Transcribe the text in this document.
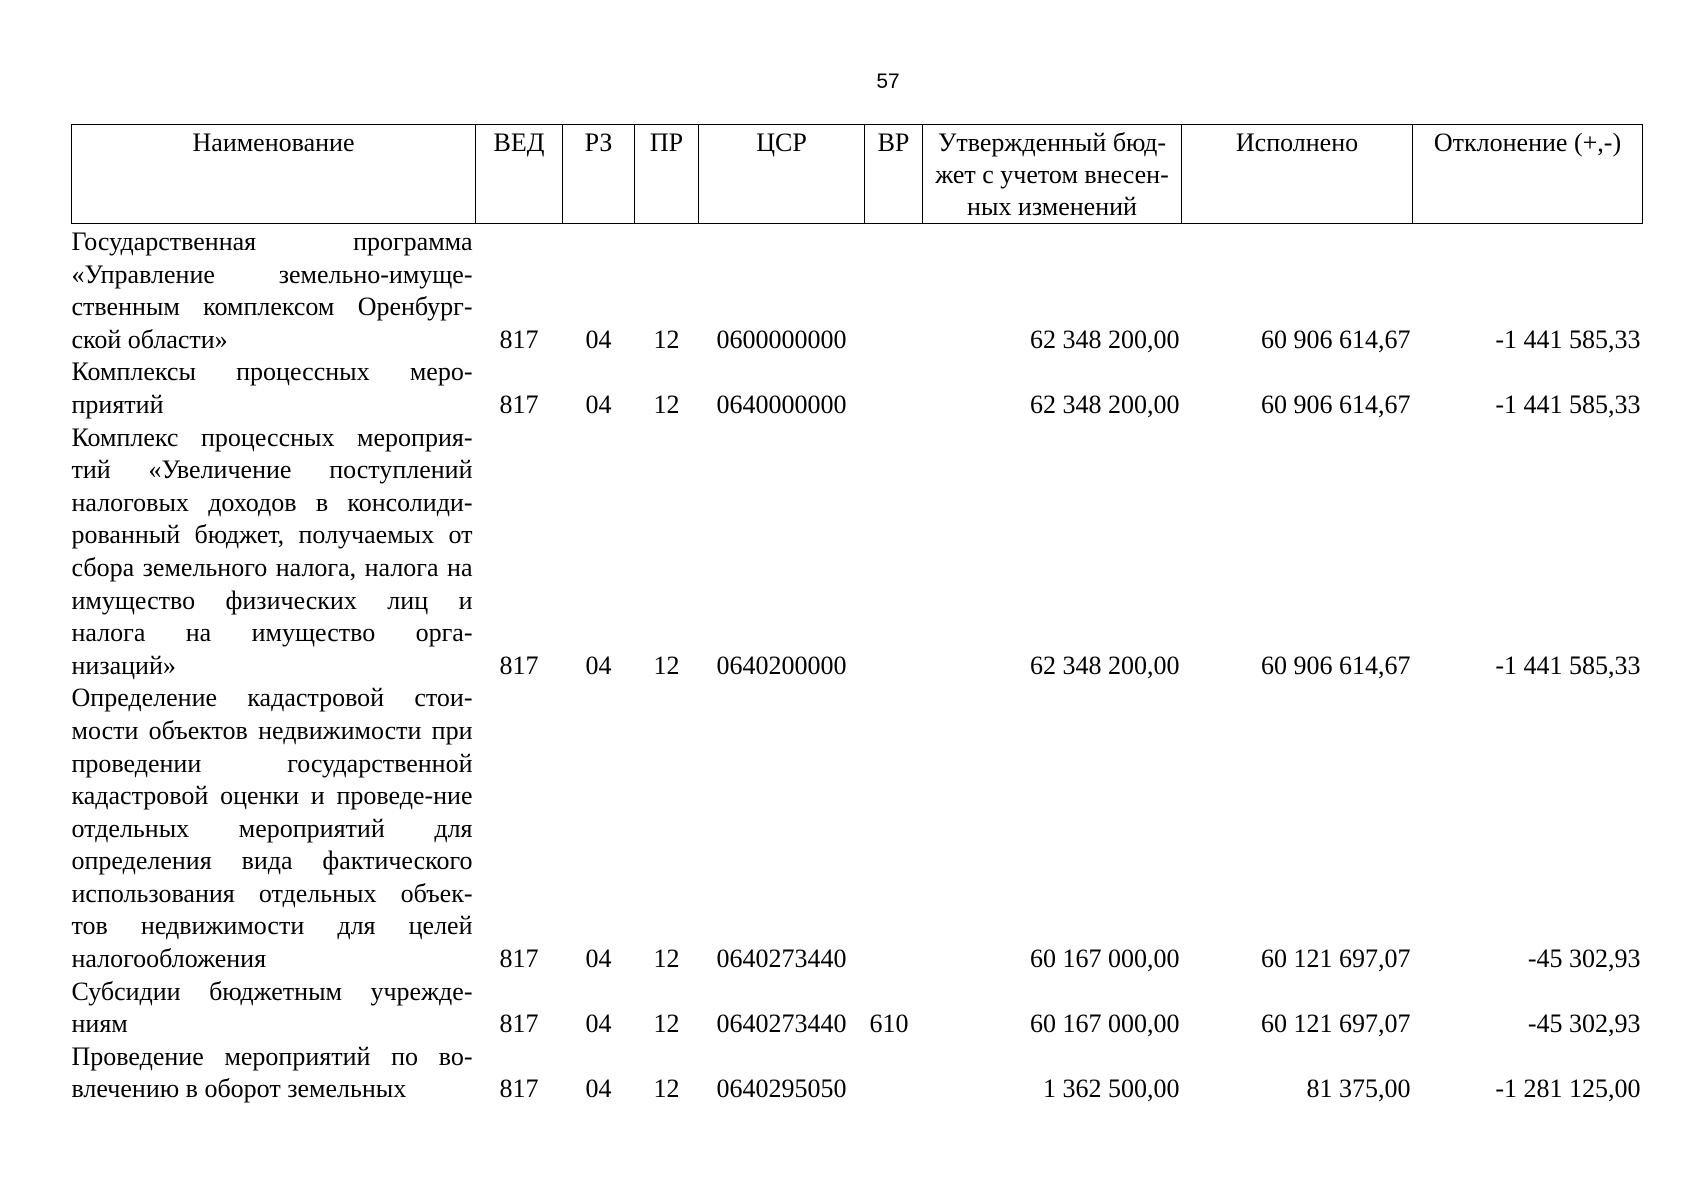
57
Наименование	ВЕД	РЗ	ПР	ЦСР	ВР	Утвержденный бюд-жет с учетом внесен-ных изменений	Исполнено	Отклонение (+,-)
Государственная программа «Управление земельно-имуще-ственным комплексом Оренбург-ской области»	817	04	12	0600000000		62 348 200,00	60 906 614,67	-1 441 585,33
Комплексы процессных меро-приятий	817	04	12	0640000000		62 348 200,00	60 906 614,67	-1 441 585,33
Комплекс процессных мероприя-тий «Увеличение поступлений налоговых доходов в консолиди-рованный бюджет, получаемых от сбора земельного налога, налога на имущество физических лиц и налога на имущество орга-низаций»	817	04	12	0640200000		62 348 200,00	60 906 614,67	-1 441 585,33
Определение кадастровой стои-мости объектов недвижимости при проведении государственной кадастровой оценки и проведе-ние отдельных мероприятий для определения вида фактического использования отдельных объек-тов недвижимости для целей налогообложения	817	04	12	0640273440		60 167 000,00	60 121 697,07	-45 302,93
Субсидии бюджетным учрежде-ниям	817	04	12	0640273440	610	60 167 000,00	60 121 697,07	-45 302,93
Проведение мероприятий по во-влечению в оборот земельных	817	04	12	0640295050		1 362 500,00	81 375,00	-1 281 125,00
